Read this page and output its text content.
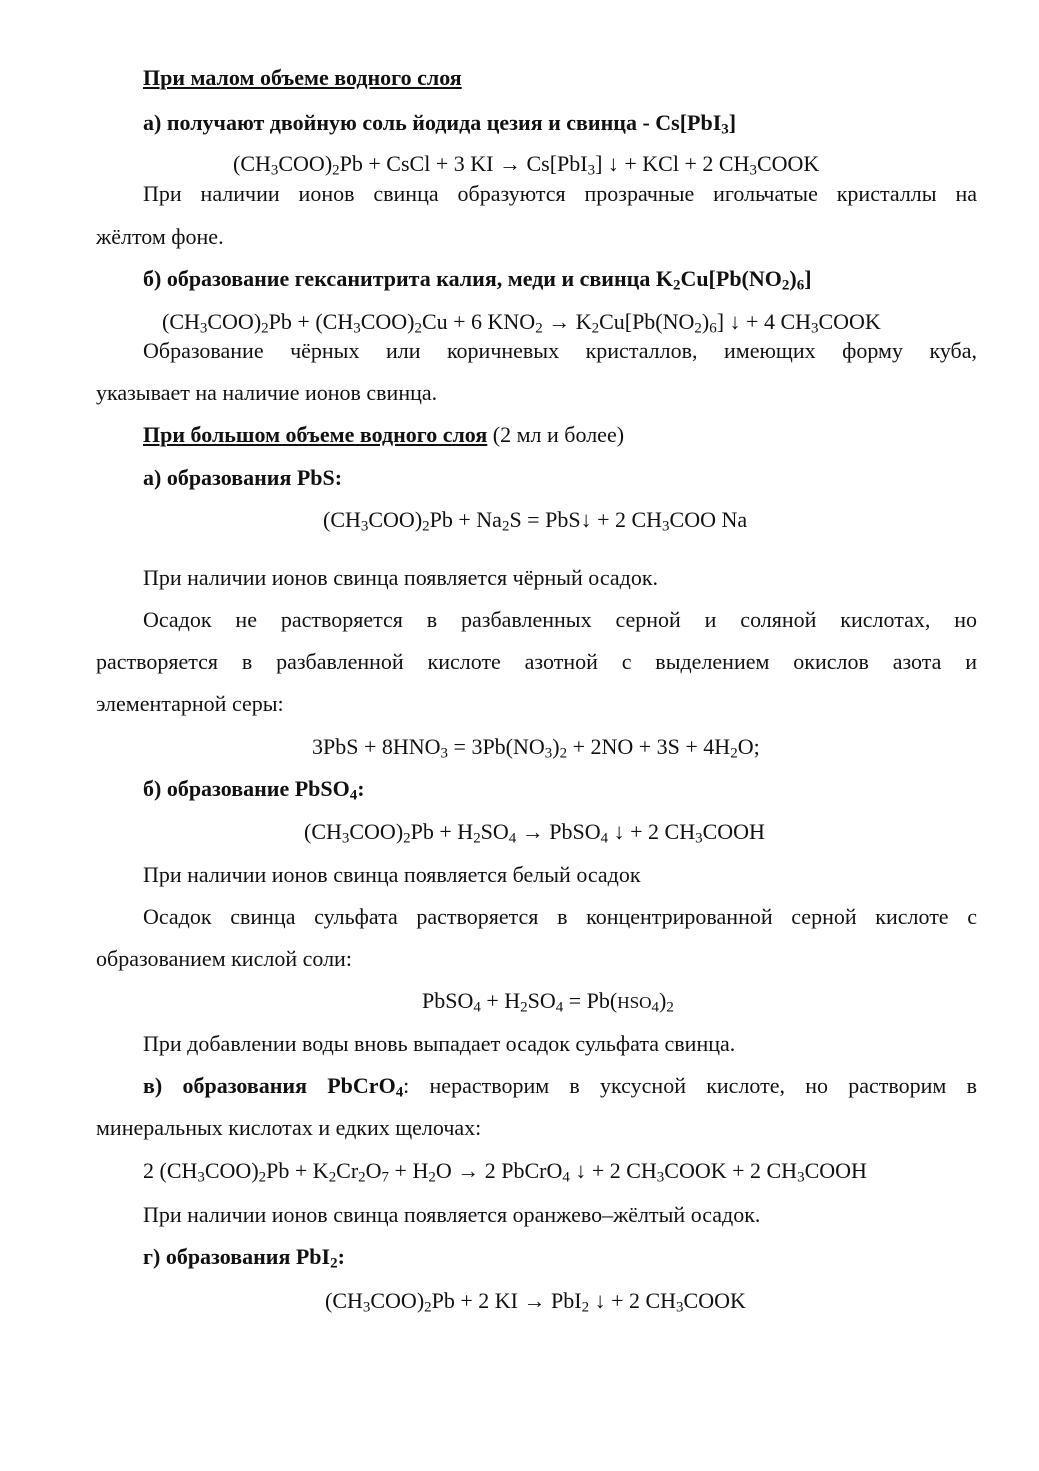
При малом объеме водного слоя
а) получают двойную соль йодида цезия и свинца - Cs[PbI$_3$]
$(CH_3COO)_2Pb$ + CsCl + 3 KI → Cs[PbI$_3$] ↓ + KCl + 2 $CH_3COOK$
При наличии ионов свинца образуются прозрачные игольчатые кристаллы на
жёлтом фоне.
б) образование гексанитрита калия, меди и свинца $K_2Cu[Pb(NO_2)_6]$
$(CH_3COO)_2Pb + (CH_3COO)_2Cu + 6$ $KNO_2 \to K_2Cu[Pb(NO_2)_6]$ ↓ + 4 $CH_3COOK$
Образование чёрных или коричневых кристаллов, имеющих форму куба,
указывает на наличие ионов свинца.
При большом объеме водного слоя (2 мл и более)
а) образования PbS:
$(CH_3COO)_2Pb + Na_2S$ = PbS↓ + 2 $CH_3COO$ Na
При наличии ионов свинца появляется чёрный осадок.
Осадок не растворяется в разбавленных серной и соляной кислотах, но
растворяется в разбавленной кислоте азотной с выделением окислов азота и
элементарной серы:
$3PbS + 8HNO_3 = 3Pb(NO_3)_2 + 2NO + 3S + 4H_2O$;
б) образование PbSO$_4$:
$(CH_3COO)_2Pb + H_2SO_4$ → PbSO$_4$ ↓ + 2 $CH_3COOH$
При наличии ионов свинца появляется белый осадок
Осадок свинца сульфата растворяется в концентрированной серной кислоте с
образованием кислой соли:
PbSO$_4$ + $H_2SO_4 = Pb(HSO_4)_2$
При добавлении воды вновь выпадает осадок сульфата свинца.
в) образования PbCrO$_4$: нерастворим в уксусной кислоте, но растворим в
минеральных кислотах и едких щелочах:
2 $(CH_3COO)_2Pb + K_2Cr_2O_7 + H_2O \to 2$ PbCrO$_4$ ↓ + 2 $CH_3COOK + 2$ $CH_3COOH$
При наличии ионов свинца появляется оранжево–жёлтый осадок.
г) образования PbI$_2$:
$(CH_3COO)_2Pb + 2$ KI → PbI$_2$ ↓ + 2 $CH_3COOK$
